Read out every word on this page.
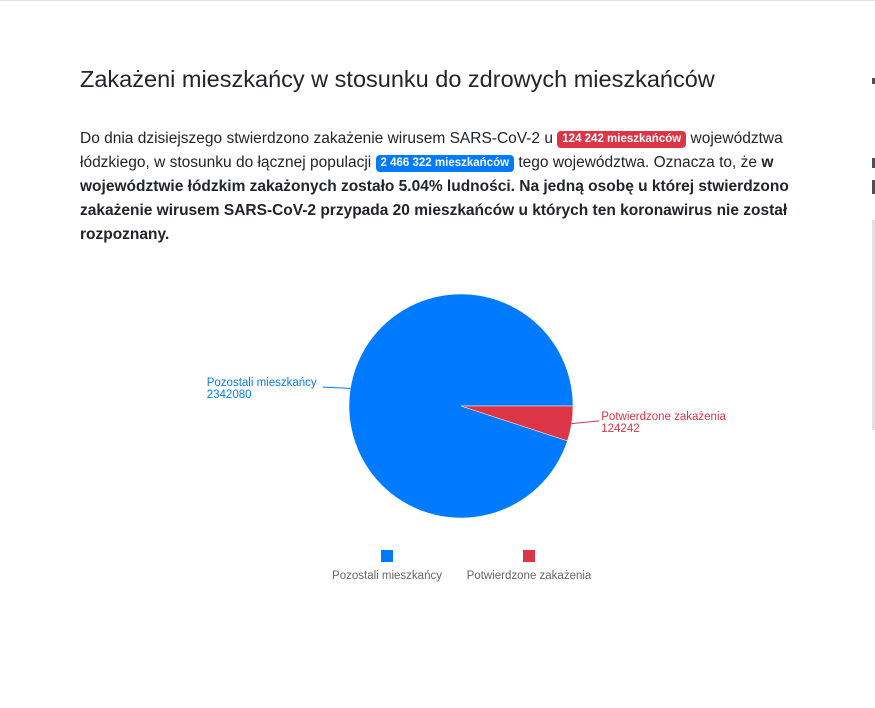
Zakażeni mieszkańcy w stosunku do zdrowych mieszkańców
Do dnia dzisiejszego stwierdzono zakażenie wirusem SARS-CoV-2 u 124 242 mieszkańców województwa łódzkiego, w stosunku do łącznej populacji 2 466 322 mieszkańców tego województwa. Oznacza to, że w województwie łódzkim zakażonych zostało 5.04% ludności. Na jedną osobę u której stwierdzono zakażenie wirusem SARS-CoV-2 przypada 20 mieszkańców u których ten koronawirus nie został rozpoznany.
Pozostali mieszkańcy
2342080
Potwierdzone zakażenia
124242
Pozostali mieszkańcy Potwierdzone zakażenia
